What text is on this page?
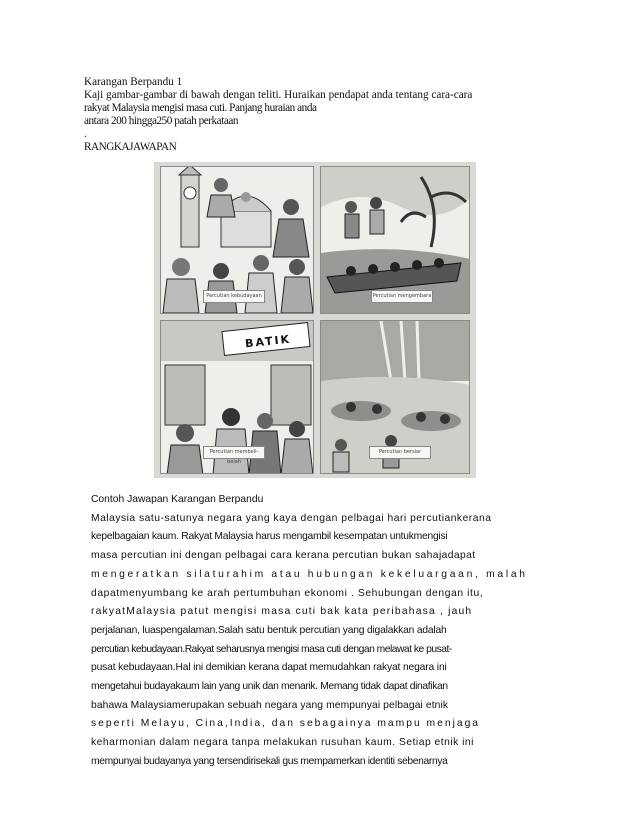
Karangan Berpandu 1
Kaji gambar-gambar di bawah dengan teliti. Huraikan pendapat anda tentang cara-cara
rakyat Malaysia mengisi masa cuti. Panjang huraian anda
antara 200 hingga250 patah perkataan
.
RANGKAJAWAPAN
Percutian kebudayaan	Percutian mengembara
BATIK
Percutian membeli-belah
Percutian bersiar
Contoh Jawapan Karangan Berpandu
Malaysia satu-satunya negara yang kaya dengan pelbagai hari percutiankerana
kepelbagaian kaum. Rakyat Malaysia harus mengambil kesempatan untukmengisi
masa percutian ini dengan pelbagai cara kerana percutian bukan sahajadapat
mengeratkan silaturahim atau hubungan kekeluargaan, malah
dapatmenyumbang ke arah pertumbuhan ekonomi . Sehubungan dengan itu,
rakyatMalaysia patut mengisi masa cuti bak kata peribahasa , jauh
perjalanan, luaspengalaman.Salah satu bentuk percutian yang digalakkan adalah
percutian kebudayaan.Rakyat seharusnya mengisi masa cuti dengan melawat ke pusat-
pusat kebudayaan.Hal ini demikian kerana dapat memudahkan rakyat negara ini
mengetahui budayakaum lain yang unik dan menarik. Memang tidak dapat dinafikan
bahawa Malaysiamerupakan sebuah negara yang mempunyai pelbagai etnik
seperti Melayu, Cina,India, dan sebagainya mampu menjaga
keharmonian dalam negara tanpa melakukan rusuhan kaum. Setiap etnik ini
mempunyai budayanya yang tersendirisekali gus mempamerkan identiti sebenarnya
